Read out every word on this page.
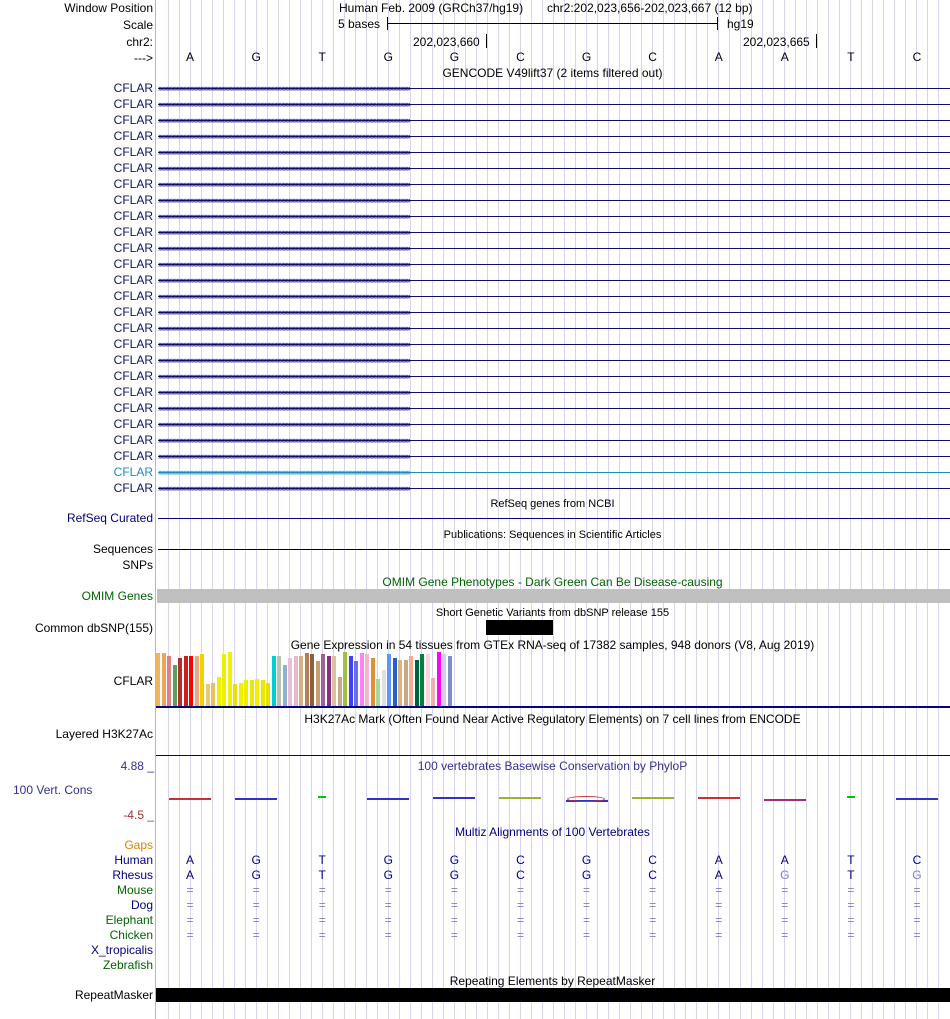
Window Position	Human Feb. 2009 (GRCh37/hg19) chr2:202,023,656-202,023,667 (12 bp)
Scale	5 bases	hg19
chr2:	202,023,660	202,023,665
--->	A	G	T	G	G	C	G	C	A	A	T	C
GENCODE V49lift37 (2 items filtered out)
CFLAR ››››››››››››››››››››››››››››››››››››››››››››››››››››››››››››››››››››››››››››››››››››››››››››››››››››››››››››››››››››››››››››››››››››››››››››››››››››››››››››››››››››››››››››››››››››
CFLAR ››››››››››››››››››››››››››››››››››››››››››››››››››››››››››››››››››››››››››››››››››››››››››››››››››››››››››››››››››››››››››››››››››››››››››››››››››››››››››››››››››››››››››››››››››››
CFLAR ››››››››››››››››››››››››››››››››››››››››››››››››››››››››››››››››››››››››››››››››››››››››››››››››››››››››››››››››››››››››››››››››››››››››››››››››››››››››››››››››››››››››››››››››››››
CFLAR ››››››››››››››››››››››››››››››››››››››››››››››››››››››››››››››››››››››››››››››››››››››››››››››››››››››››››››››››››››››››››››››››››››››››››››››››››››››››››››››››››››››››››››››››››››
CFLAR ››››››››››››››››››››››››››››››››››››››››››››››››››››››››››››››››››››››››››››››››››››››››››››››››››››››››››››››››››››››››››››››››››››››››››››››››››››››››››››››››››››››››››››››››››››
CFLAR ››››››››››››››››››››››››››››››››››››››››››››››››››››››››››››››››››››››››››››››››››››››››››››››››››››››››››››››››››››››››››››››››››››››››››››››››››››››››››››››››››››››››››››››››››››
CFLAR ››››››››››››››››››››››››››››››››››››››››››››››››››››››››››››››››››››››››››››››››››››››››››››››››››››››››››››››››››››››››››››››››››››››››››››››››››››››››››››››››››››››››››››››››››››
CFLAR ››››››››››››››››››››››››››››››››››››››››››››››››››››››››››››››››››››››››››››››››››››››››››››››››››››››››››››››››››››››››››››››››››››››››››››››››››››››››››››››››››››››››››››››››››››
CFLAR ››››››››››››››››››››››››››››››››››››››››››››››››››››››››››››››››››››››››››››››››››››››››››››››››››››››››››››››››››››››››››››››››››››››››››››››››››››››››››››››››››››››››››››››››››››
CFLAR ››››››››››››››››››››››››››››››››››››››››››››››››››››››››››››››››››››››››››››››››››››››››››››››››››››››››››››››››››››››››››››››››››››››››››››››››››››››››››››››››››››››››››››››››››››
CFLAR ››››››››››››››››››››››››››››››››››››››››››››››››››››››››››››››››››››››››››››››››››››››››››››››››››››››››››››››››››››››››››››››››››››››››››››››››››››››››››››››››››››››››››››››››››››
CFLAR ››››››››››››››››››››››››››››››››››››››››››››››››››››››››››››››››››››››››››››››››››››››››››››››››››››››››››››››››››››››››››››››››››››››››››››››››››››››››››››››››››››››››››››››››››››
CFLAR ››››››››››››››››››››››››››››››››››››››››››››››››››››››››››››››››››››››››››››››››››››››››››››››››››››››››››››››››››››››››››››››››››››››››››››››››››››››››››››››››››››››››››››››››››››
CFLAR ››››››››››››››››››››››››››››››››››››››››››››››››››››››››››››››››››››››››››››››››››››››››››››››››››››››››››››››››››››››››››››››››››››››››››››››››››››››››››››››››››››››››››››››››››››
CFLAR ››››››››››››››››››››››››››››››››››››››››››››››››››››››››››››››››››››››››››››››››››››››››››››››››››››››››››››››››››››››››››››››››››››››››››››››››››››››››››››››››››››››››››››››››››››
CFLAR ››››››››››››››››››››››››››››››››››››››››››››››››››››››››››››››››››››››››››››››››››››››››››››››››››››››››››››››››››››››››››››››››››››››››››››››››››››››››››››››››››››››››››››››››››››
CFLAR ››››››››››››››››››››››››››››››››››››››››››››››››››››››››››››››››››››››››››››››››››››››››››››››››››››››››››››››››››››››››››››››››››››››››››››››››››››››››››››››››››››››››››››››››››››
CFLAR ››››››››››››››››››››››››››››››››››››››››››››››››››››››››››››››››››››››››››››››››››››››››››››››››››››››››››››››››››››››››››››››››››››››››››››››››››››››››››››››››››››››››››››››››››››
CFLAR ››››››››››››››››››››››››››››››››››››››››››››››››››››››››››››››››››››››››››››››››››››››››››››››››››››››››››››››››››››››››››››››››››››››››››››››››››››››››››››››››››››››››››››››››››››
CFLAR ››››››››››››››››››››››››››››››››››››››››››››››››››››››››››››››››››››››››››››››››››››››››››››››››››››››››››››››››››››››››››››››››››››››››››››››››››››››››››››››››››››››››››››››››››››
CFLAR ››››››››››››››››››››››››››››››››››››››››››››››››››››››››››››››››››››››››››››››››››››››››››››››››››››››››››››››››››››››››››››››››››››››››››››››››››››››››››››››››››››››››››››››››››››
CFLAR ››››››››››››››››››››››››››››››››››››››››››››››››››››››››››››››››››››››››››››››››››››››››››››››››››››››››››››››››››››››››››››››››››››››››››››››››››››››››››››››››››››››››››››››››››››
CFLAR ››››››››››››››››››››››››››››››››››››››››››››››››››››››››››››››››››››››››››››››››››››››››››››››››››››››››››››››››››››››››››››››››››››››››››››››››››››››››››››››››››››››››››››››››››››
CFLAR ››››››››››››››››››››››››››››››››››››››››››››››››››››››››››››››››››››››››››››››››››››››››››››››››››››››››››››››››››››››››››››››››››››››››››››››››››››››››››››››››››››››››››››››››››››
CFLAR ››››››››››››››››››››››››››››››››››››››››››››››››››››››››››››››››››››››››››››››››››››››››››››››››››››››››››››››››››››››››››››››››››››››››››››››››››››››››››››››››››››››››››››››››››››
CFLAR ››››››››››››››››››››››››››››››››››››››››››››››››››››››››››››››››››››››››››››››››››››››››››››››››››››››››››››››››››››››››››››››››››››››››››››››››››››››››››››››››››››››››››››››››››››
RefSeq genes from NCBI
RefSeq Curated
Publications: Sequences in Scientific Articles
Sequences
SNPs
OMIM Gene Phenotypes - Dark Green Can Be Disease-causing
OMIM Genes
Short Genetic Variants from dbSNP release 155
Common dbSNP(155)
Gene Expression in 54 tissues from GTEx RNA-seq of 17382 samples, 948 donors (V8, Aug 2019)
CFLAR
H3K27Ac Mark (Often Found Near Active Regulatory Elements) on 7 cell lines from ENCODE
Layered H3K27Ac
100 vertebrates Basewise Conservation by PhyloP
4.88 _
100 Vert. Cons
-4.5 _
Multiz Alignments of 100 Vertebrates
Gaps
Human	A	G	T	G	G	C	G	C	A	A	T	C
Rhesus	A	G	T	G	G	C	G	C	A	G	T	G
Mouse	=	=	=	=	=	=	=	=	=	=	=	=
Dog	=	=	=	=	=	=	=	=	=	=	=	=
Elephant	=	=	=	=	=	=	=	=	=	=	=	=
Chicken	=	=	=	=	=	=	=	=	=	=	=	=
X_tropicalis
Zebrafish
Repeating Elements by RepeatMasker
RepeatMasker
